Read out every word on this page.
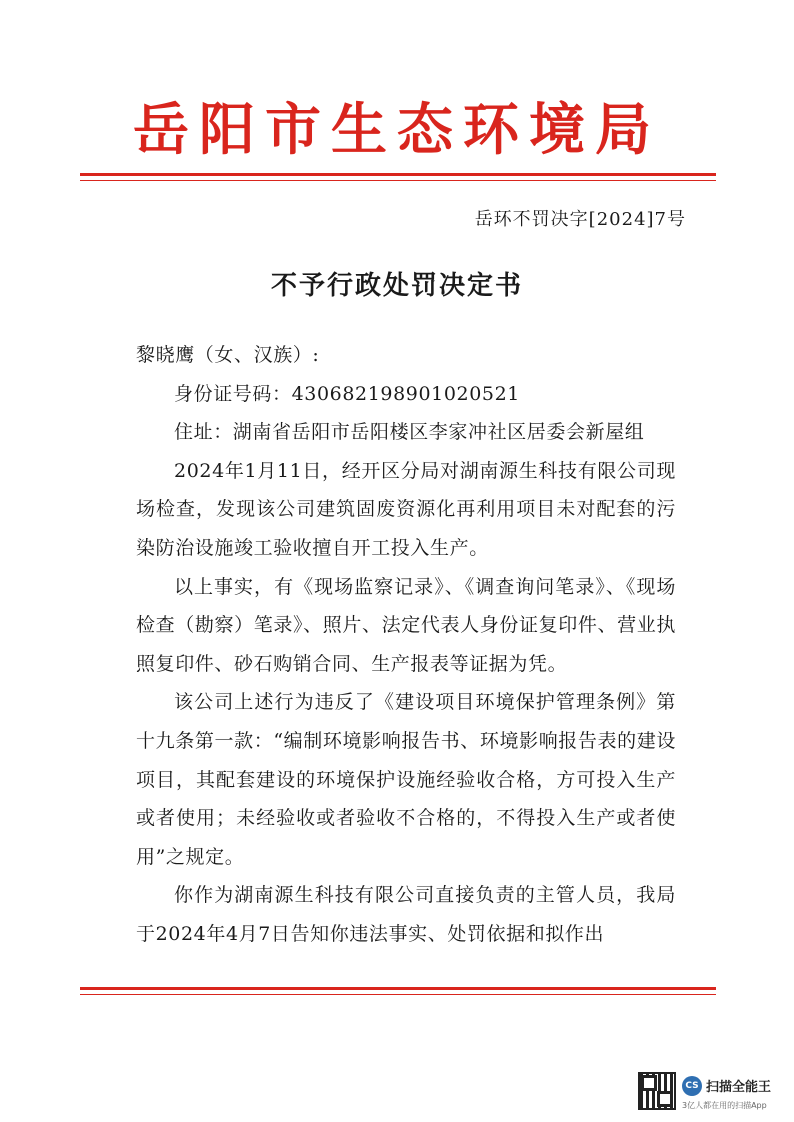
岳阳市生态环境局
岳环不罚决字[2024]7号
不予行政处罚决定书

黎晓鹰（女、汉族）:

身份证号码：430682198901020521

住址：湖南省岳阳市岳阳楼区李家冲社区居委会新屋组

2024年1月11日，经开区分局对湖南源生科技有限公司现场检查，发现该公司建筑固废资源化再利用项目未对配套的污染防治设施竣工验收擅自开工投入生产。

以上事实，有《现场监察记录》、《调查询问笔录》、《现场检查（勘察）笔录》、照片、法定代表人身份证复印件、营业执照复印件、砂石购销合同、生产报表等证据为凭。

该公司上述行为违反了《建设项目环境保护管理条例》第十九条第一款：“编制环境影响报告书、环境影响报告表的建设项目，其配套建设的环境保护设施经验收合格，方可投入生产或者使用；未经验收或者验收不合格的，不得投入生产或者使用”之规定。

你作为湖南源生科技有限公司直接负责的主管人员，我局于2024年4月7日告知你违法事实、处罚依据和拟作出

CS 扫描全能王
3亿人都在用的扫描App
